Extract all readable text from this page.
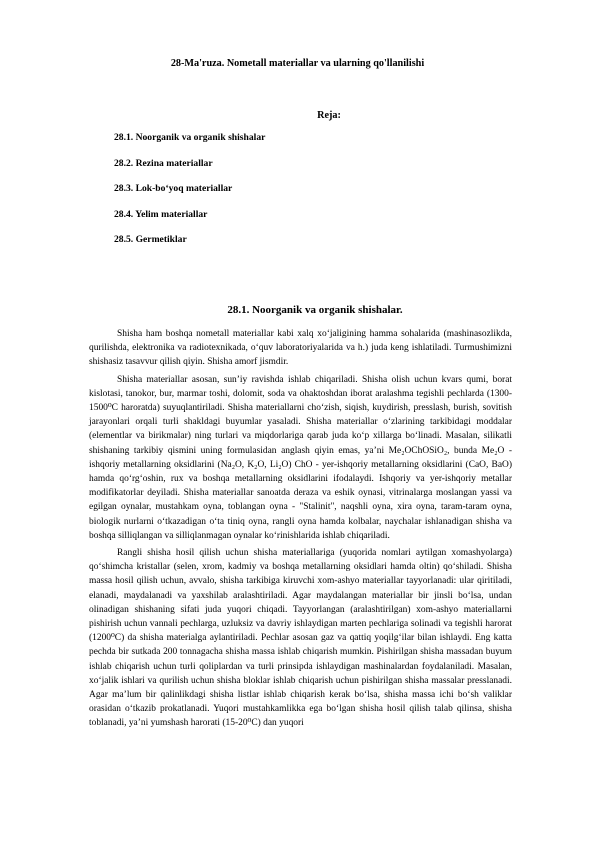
28-Ma'ruza. Nometall materiallar va ularning qo'llanilishi
Reja:
28.1. Noorganik va organik shishalar
28.2. Rezina materiallar
28.3. Lok-bo‘yoq materiallar
28.4. Yelim materiallar
28.5. Germetiklar
28.1. Noorganik va organik shishalar.

Shisha ham boshqa nometall materiallar kabi xalq xo‘jaligining hamma sohalarida (mashinasozlikda, qurilishda, elektronika va radiotexnikada, o‘quv laboratoriyalarida va h.) juda keng ishlatiladi. Turmushimizni shishasiz tasavvur qilish qiyin. Shisha amorf jismdir.

Shisha materiallar asosan, sun’iy ravishda ishlab chiqariladi. Shisha olish uchun kvars qumi, borat kislotasi, tanokor, bur, marmar toshi, dolomit, soda va ohaktoshdan iborat aralashma tegishli pechlarda (1300-1500⁰C haroratda) suyuqlantiriladi. Shisha materiallarni cho‘zish, siqish, kuydirish, presslash, burish, sovitish jarayonlari orqali turli shakldagi buyumlar yasaladi. Shisha materiallar o‘zlarining tarkibidagi moddalar (elementlar va birikmalar) ning turlari va miqdorlariga qarab juda ko‘p xillarga bo‘linadi. Masalan, silikatli shishaning tarkibiy qismini uning formulasidan anglash qiyin emas, ya’ni Me₂OChOSiO₂, bunda Me₂O - ishqoriy metallarning oksidlarini (Na₂O, K₂O, Li₂O) ChO - yer-ishqoriy metallarning oksidlarini (CaO, BaO) hamda qo‘rg‘oshin, rux va boshqa metallarning oksidlarini ifodalaydi. Ishqoriy va yer-ishqoriy metallar modifikatorlar deyiladi. Shisha materiallar sanoatda deraza va eshik oynasi, vitrinalarga moslangan yassi va egilgan oynalar, mustahkam oyna, toblangan oyna - "Stalinit", naqshli oyna, xira oyna, taram-taram oyna, biologik nurlarni o‘tkazadigan o‘ta tiniq oyna, rangli oyna hamda kolbalar, naychalar ishlanadigan shisha va boshqa silliqlangan va silliqlanmagan oynalar ko‘rinishlarida ishlab chiqariladi.

Rangli shisha hosil qilish uchun shisha materiallariga (yuqorida nomlari aytilgan xomashyolarga) qo‘shimcha kristallar (selen, xrom, kadmiy va boshqa metallarning oksidlari hamda oltin) qo‘shiladi. Shisha massa hosil qilish uchun, avvalo, shisha tarkibiga kiruvchi xom-ashyo materiallar tayyorlanadi: ular qiritiladi, elanadi, maydalanadi va yaxshilab aralashtiriladi. Agar maydalangan materiallar bir jinsli bo‘lsa, undan olinadigan shishaning sifati juda yuqori chiqadi. Tayyorlangan (aralashtirilgan) xom-ashyo materiallarni pishirish uchun vannali pechlarga, uzluksiz va davriy ishlaydigan marten pechlariga solinadi va tegishli harorat (1200⁰C) da shisha materialga aylantiriladi. Pechlar asosan gaz va qattiq yoqilg‘ilar bilan ishlaydi. Eng katta pechda bir sutkada 200 tonnagacha shisha massa ishlab chiqarish mumkin. Pishirilgan shisha massadan buyum ishlab chiqarish uchun turli qoliplardan va turli prinsipda ishlaydigan mashinalardan foydalaniladi. Masalan, xo‘jalik ishlari va qurilish uchun shisha bloklar ishlab chiqarish uchun pishirilgan shisha massalar presslanadi. Agar ma’lum bir qalinlikdagi shisha listlar ishlab chiqarish kerak bo‘lsa, shisha massa ichi bo‘sh valiklar orasidan o‘tkazib prokatlanadi. Yuqori mustahkamlikka ega bo‘lgan shisha hosil qilish talab qilinsa, shisha toblanadi, ya’ni yumshash harorati (15-20⁰C) dan yuqori
